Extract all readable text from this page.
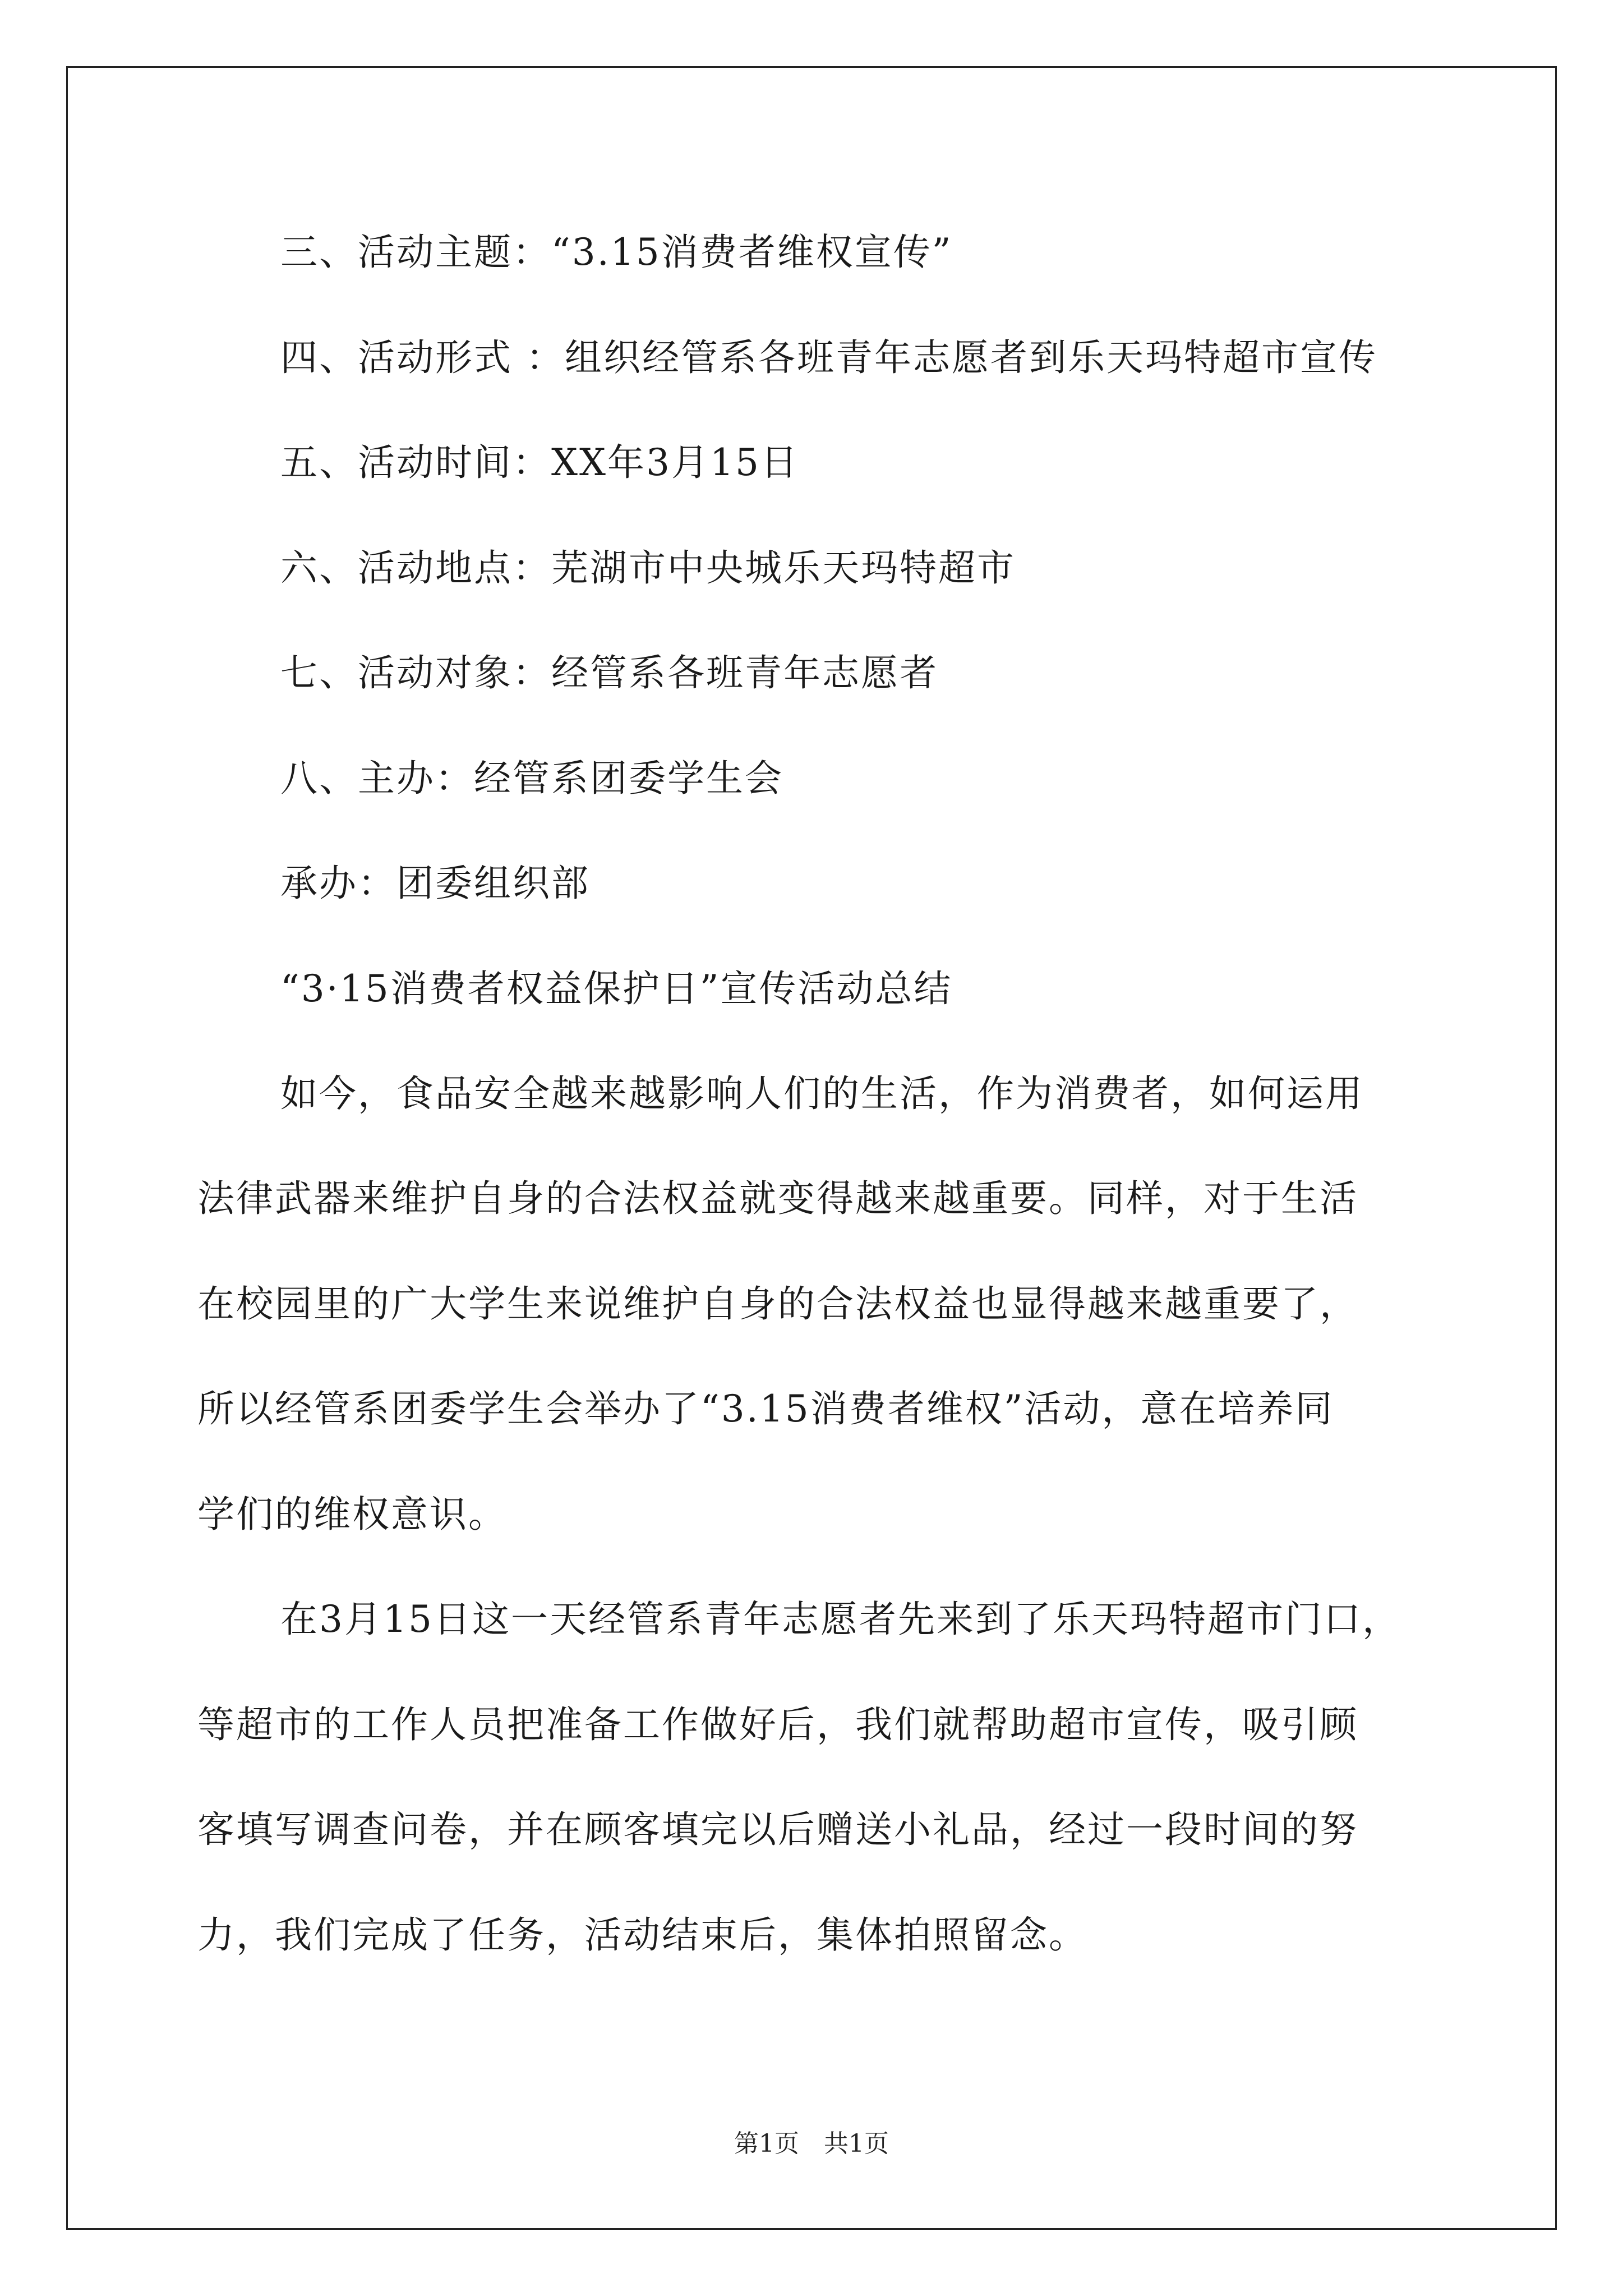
三、活动主题：“3.15消费者维权宣传”
四、活动形式 ：组织经管系各班青年志愿者到乐天玛特超市宣传
五、活动时间：XX年3月15日
六、活动地点：芜湖市中央城乐天玛特超市
七、活动对象：经管系各班青年志愿者
八、主办：经管系团委学生会
承办：团委组织部
“3·15消费者权益保护日”宣传活动总结
如今，食品安全越来越影响人们的生活，作为消费者，如何运用
法律武器来维护自身的合法权益就变得越来越重要。同样，对于生活
在校园里的广大学生来说维护自身的合法权益也显得越来越重要了，
所以经管系团委学生会举办了“3.15消费者维权”活动，意在培养同
学们的维权意识。
在3月15日这一天经管系青年志愿者先来到了乐天玛特超市门口，
等超市的工作人员把准备工作做好后，我们就帮助超市宣传，吸引顾
客填写调查问卷，并在顾客填完以后赠送小礼品，经过一段时间的努
力，我们完成了任务，活动结束后，集体拍照留念。
第1页　共1页
